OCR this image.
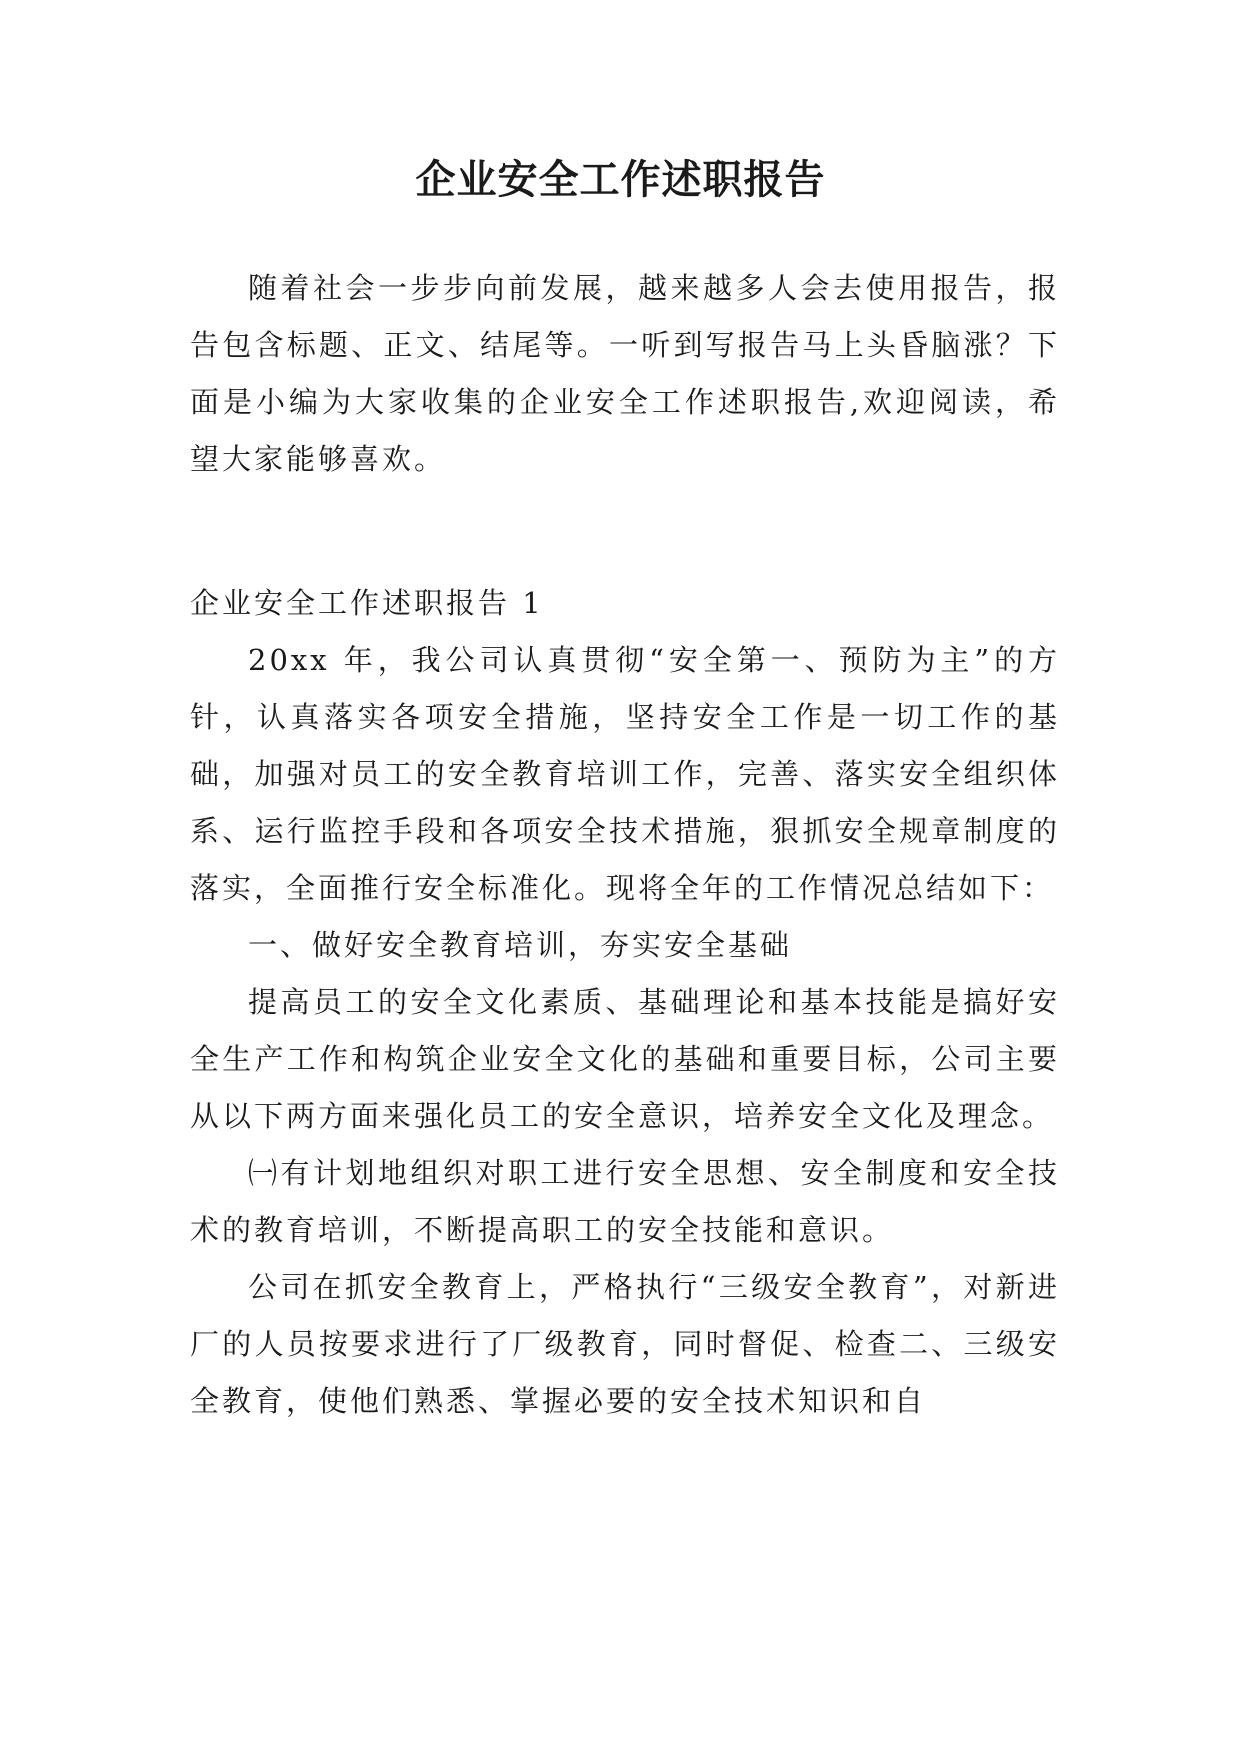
企业安全工作述职报告

随着社会一步步向前发展，越来越多人会去使用报告，报告包含标题、正文、结尾等。一听到写报告马上头昏脑涨？下面是小编为大家收集的企业安全工作述职报告,欢迎阅读，希望大家能够喜欢。

企业安全工作述职报告 1

20xx 年，我公司认真贯彻“安全第一、预防为主”的方针，认真落实各项安全措施，坚持安全工作是一切工作的基础，加强对员工的安全教育培训工作，完善、落实安全组织体系、运行监控手段和各项安全技术措施，狠抓安全规章制度的落实，全面推行安全标准化。现将全年的工作情况总结如下：

一、做好安全教育培训，夯实安全基础

提高员工的安全文化素质、基础理论和基本技能是搞好安全生产工作和构筑企业安全文化的基础和重要目标，公司主要从以下两方面来强化员工的安全意识，培养安全文化及理念。

㈠有计划地组织对职工进行安全思想、安全制度和安全技术的教育培训，不断提高职工的安全技能和意识。

公司在抓安全教育上，严格执行“三级安全教育”，对新进厂的人员按要求进行了厂级教育，同时督促、检查二、三级安全教育，使他们熟悉、掌握必要的安全技术知识和自
